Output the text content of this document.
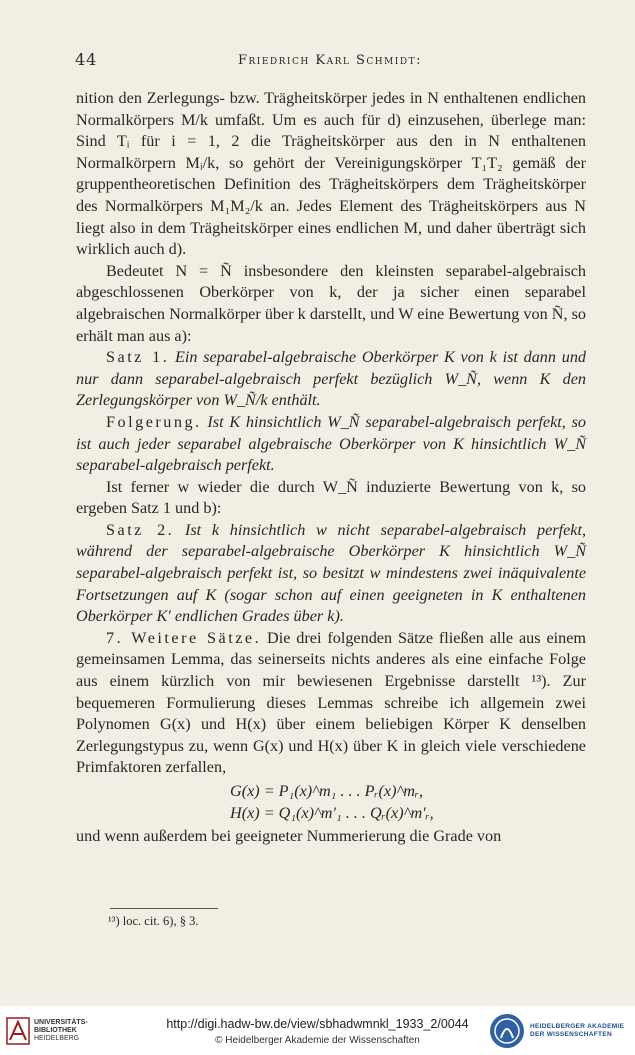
44	Friedrich Karl Schmidt:

nition den Zerlegungs- bzw. Trägheitskörper jedes in N enthaltenen endlichen Normalkörpers M/k umfaßt. Um es auch für d) einzusehen, überlege man: Sind Tᵢ für i = 1, 2 die Trägheitskörper aus den in N enthaltenen Normalkörpern Mᵢ/k, so gehört der Vereinigungskörper T₁T₂ gemäß der gruppentheoretischen Definition des Trägheitskörpers dem Trägheitskörper des Normalkörpers M₁M₂/k an. Jedes Element des Trägheitskörpers aus N liegt also in dem Trägheitskörper eines endlichen M, und daher überträgt sich wirklich auch d).

Bedeutet N = Ñ insbesondere den kleinsten separabel-algebraisch abgeschlossenen Oberkörper von k, der ja sicher einen separabel algebraischen Normalkörper über k darstellt, und W eine Bewertung von Ñ, so erhält man aus a):

Satz 1. Ein separabel-algebraische Oberkörper K von k ist dann und nur dann separabel-algebraisch perfekt bezüglich W_Ñ, wenn K den Zerlegungskörper von W_Ñ/k enthält.

Folgerung. Ist K hinsichtlich W_Ñ separabel-algebraisch perfekt, so ist auch jeder separabel algebraische Oberkörper von K hinsichtlich W_Ñ separabel-algebraisch perfekt.

Ist ferner w wieder die durch W_Ñ induzierte Bewertung von k, so ergeben Satz 1 und b):

Satz 2. Ist k hinsichtlich w nicht separabel-algebraisch perfekt, während der separabel-algebraische Oberkörper K hinsichtlich W_Ñ separabel-algebraisch perfekt ist, so besitzt w mindestens zwei inäquivalente Fortsetzungen auf K (sogar schon auf einen geeigneten in K enthaltenen Oberkörper K′ endlichen Grades über k).

7. Weitere Sätze. Die drei folgenden Sätze fließen alle aus einem gemeinsamen Lemma, das seinerseits nichts anderes als eine einfache Folge aus einem kürzlich von mir bewiesenen Ergebnisse darstellt ¹³). Zur bequemeren Formulierung dieses Lemmas schreibe ich allgemein zwei Polynomen G(x) und H(x) über einem beliebigen Körper K denselben Zerlegungstypus zu, wenn G(x) und H(x) über K in gleich viele verschiedene Primfaktoren zerfallen,

G(x) = P₁(x)^m₁ . . . Pᵣ(x)^mᵣ,
H(x) = Q₁(x)^m′₁ . . . Qᵣ(x)^m′ᵣ,

und wenn außerdem bei geeigneter Nummerierung die Grade von

¹³) loc. cit. 6), § 3.
UNIVERSITÄTS-
BIBLIOTHEK
HEIDELBERG
http://digi.hadw-bw.de/view/sbhadwmnkl_1933_2/0044
© Heidelberger Akademie der Wissenschaften
HEIDELBERGER AKADEMIE
DER WISSENSCHAFTEN
